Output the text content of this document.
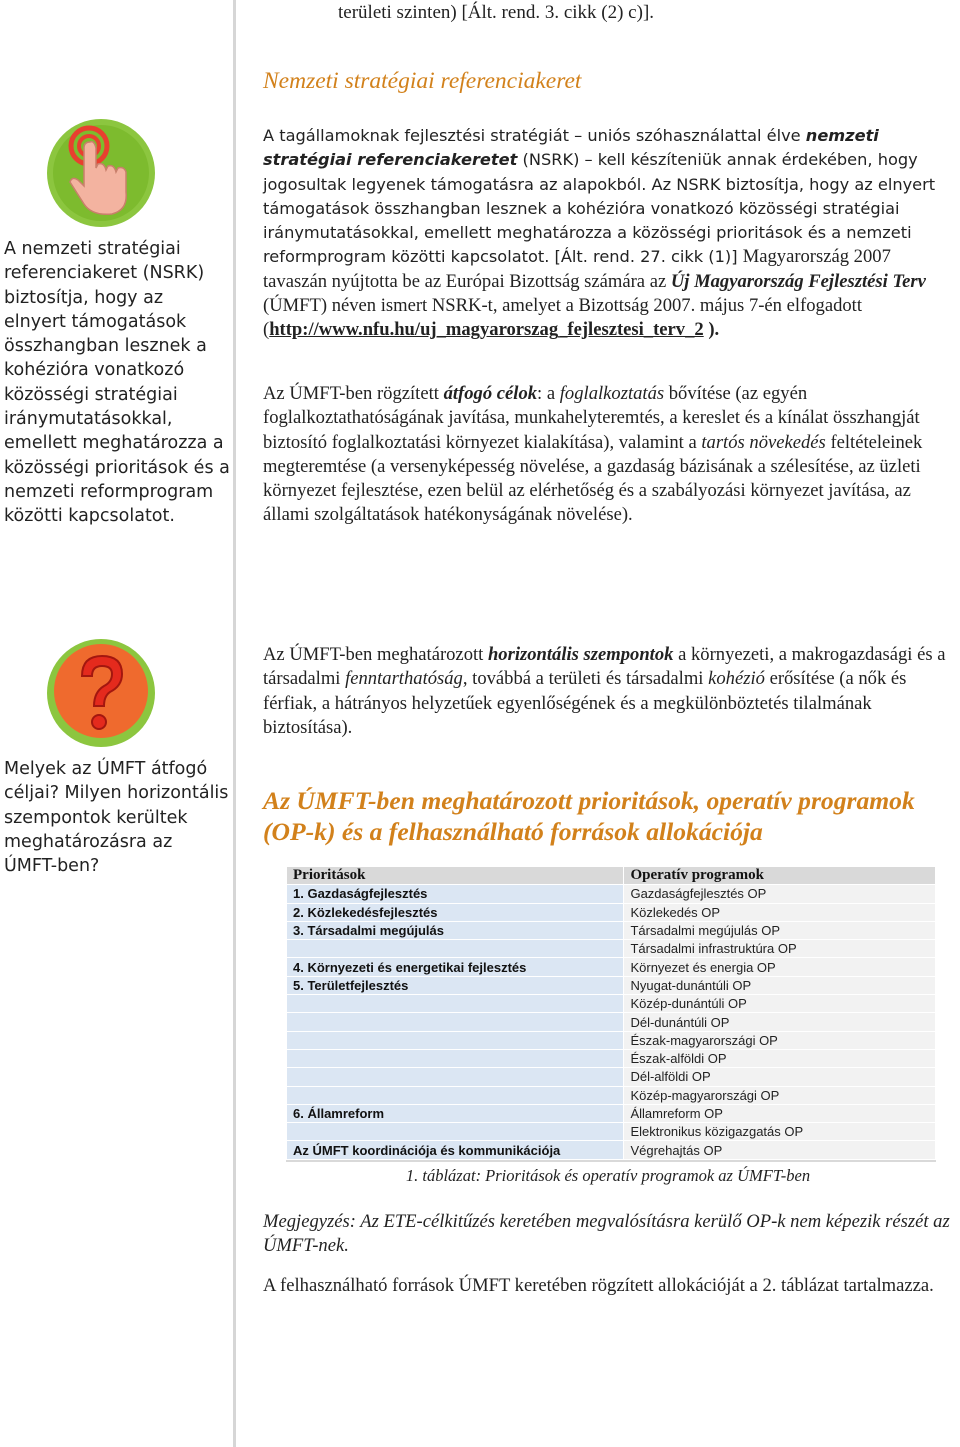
A nemzeti stratégiai referenciakeret (NSRK) biztosítja, hogy az elnyert támogatások összhangban lesznek a kohézióra vonatkozó közösségi stratégiai iránymutatásokkal, emellett meghatározza a közösségi prioritások és a nemzeti reformprogram közötti kapcsolatot.
Melyek az ÚMFT átfogó céljai? Milyen horizontális szempontok kerültek meghatározásra az ÚMFT-ben?
területi szinten) [Ált. rend. 3. cikk (2) c)].
Nemzeti stratégiai referenciakeret

A tagállamoknak fejlesztési stratégiát – uniós szóhasználattal élve nemzeti stratégiai referenciakeretet (NSRK) – kell készíteniük annak érdekében, hogy jogosultak legyenek támogatásra az alapokból. Az NSRK biztosítja, hogy az elnyert támogatások összhangban lesznek a kohézióra vonatkozó közösségi stratégiai iránymutatásokkal, emellett meghatározza a közösségi prioritások és a nemzeti reformprogram közötti kapcsolatot. [Ált. rend. 27. cikk (1)] Magyarország 2007 tavaszán nyújtotta be az Európai Bizottság számára az Új Magyarország Fejlesztési Terv (ÚMFT) néven ismert NSRK-t, amelyet a Bizottság 2007. május 7-én elfogadott (http://www.nfu.hu/uj_magyarorszag_fejlesztesi_terv_2 ).

Az ÚMFT-ben rögzített átfogó célok: a foglalkoztatás bővítése (az egyén foglalkoztathatóságának javítása, munkahelyteremtés, a kereslet és a kínálat összhangját biztosító foglalkoztatási környezet kialakítása), valamint a tartós növekedés feltételeinek megteremtése (a versenyképesség növelése, a gazdaság bázisának a szélesítése, az üzleti környezet fejlesztése, ezen belül az elérhetőség és a szabályozási környezet javítása, az állami szolgáltatások hatékonyságának növelése).

Az ÚMFT-ben meghatározott horizontális szempontok a környezeti, a makrogazdasági és a társadalmi fenntarthatóság, továbbá a területi és társadalmi kohézió erősítése (a nők és férfiak, a hátrányos helyzetűek egyenlőségének és a megkülönböztetés tilalmának biztosítása).

Az ÚMFT-ben meghatározott prioritások, operatív programok (OP-k) és a felhasználható források allokációja
Prioritások	Operatív programok
1. Gazdaságfejlesztés	Gazdaságfejlesztés OP
2. Közlekedésfejlesztés	Közlekedés OP
3. Társadalmi megújulás	Társadalmi megújulás OP
	Társadalmi infrastruktúra OP
4. Környezeti és energetikai fejlesztés	Környezet és energia OP
5. Területfejlesztés	Nyugat-dunántúli OP
	Közép-dunántúli OP
	Dél-dunántúli OP
	Észak-magyarországi OP
	Észak-alföldi OP
	Dél-alföldi OP
	Közép-magyarországi OP
6. Államreform	Államreform OP
	Elektronikus közigazgatás OP
Az ÚMFT koordinációja és kommunikációja	Végrehajtás OP
1. táblázat: Prioritások és operatív programok az ÚMFT-ben

Megjegyzés: Az ETE-célkitűzés keretében megvalósításra kerülő OP-k nem képezik részét az ÚMFT-nek.

A felhasználható források ÚMFT keretében rögzített allokációját a 2. táblázat tartalmazza.
